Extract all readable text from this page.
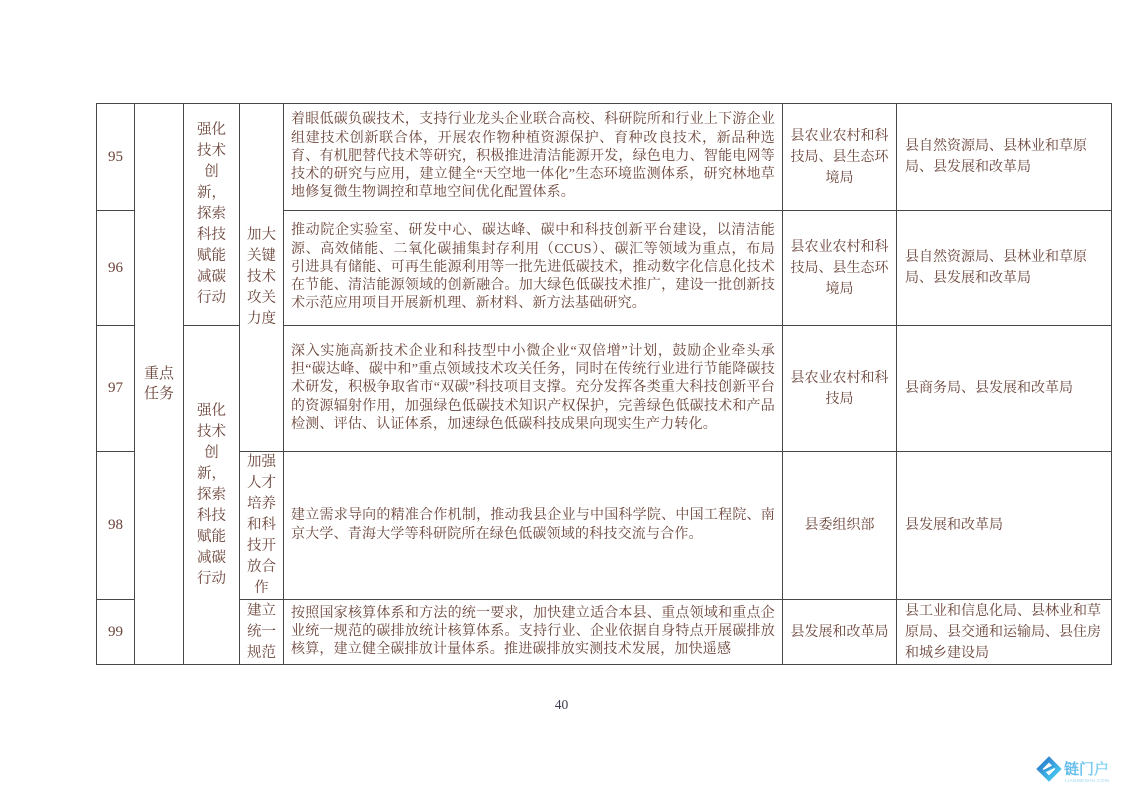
95	重点任务	强化技术创新，探索科技赋能减碳行动	加大关键技术攻关力度	着眼低碳负碳技术，支持行业龙头企业联合高校、科研院所和行业上下游企业组建技术创新联合体，开展农作物种植资源保护、育种改良技术，新品种选育、有机肥替代技术等研究，积极推进清洁能源开发，绿色电力、智能电网等技术的研究与应用，建立健全“天空地一体化”生态环境监测体系，研究林地草地修复微生物调控和草地空间优化配置体系。	县农业农村和科技局、县生态环境局	县自然资源局、县林业和草原局、县发展和改革局
96				推动院企实验室、研发中心、碳达峰、碳中和科技创新平台建设，以清洁能源、高效储能、二氧化碳捕集封存利用（CCUS）、碳汇等领域为重点，布局引进具有储能、可再生能源利用等一批先进低碳技术，推动数字化信息化技术在节能、清洁能源领域的创新融合。加大绿色低碳技术推广，建设一批创新技术示范应用项目开展新机理、新材料、新方法基础研究。	县农业农村和科技局、县生态环境局	县自然资源局、县林业和草原局、县发展和改革局
97		强化技术创新，探索科技赋能减碳行动		深入实施高新技术企业和科技型中小微企业“双倍增”计划，鼓励企业牵头承担“碳达峰、碳中和”重点领域技术攻关任务，同时在传统行业进行节能降碳技术研发，积极争取省市“双碳”科技项目支撑。充分发挥各类重大科技创新平台的资源辐射作用，加强绿色低碳技术知识产权保护，完善绿色低碳技术和产品检测、评估、认证体系，加速绿色低碳科技成果向现实生产力转化。	县农业农村和科技局	县商务局、县发展和改革局
98			加强人才培养和科技开放合作	建立需求导向的精准合作机制，推动我县企业与中国科学院、中国工程院、南京大学、青海大学等科研院所在绿色低碳领域的科技交流与合作。	县委组织部	县发展和改革局
99			建立统一规范	按照国家核算体系和方法的统一要求，加快建立适合本县、重点领域和重点企业统一规范的碳排放统计核算体系。支持行业、企业依据自身特点开展碳排放核算，建立健全碳排放计量体系。推进碳排放实测技术发展，加快遥感	县发展和改革局	县工业和信息化局、县林业和草原局、县交通和运输局、县住房和城乡建设局
40
链门户
LIANMENHU.COM
